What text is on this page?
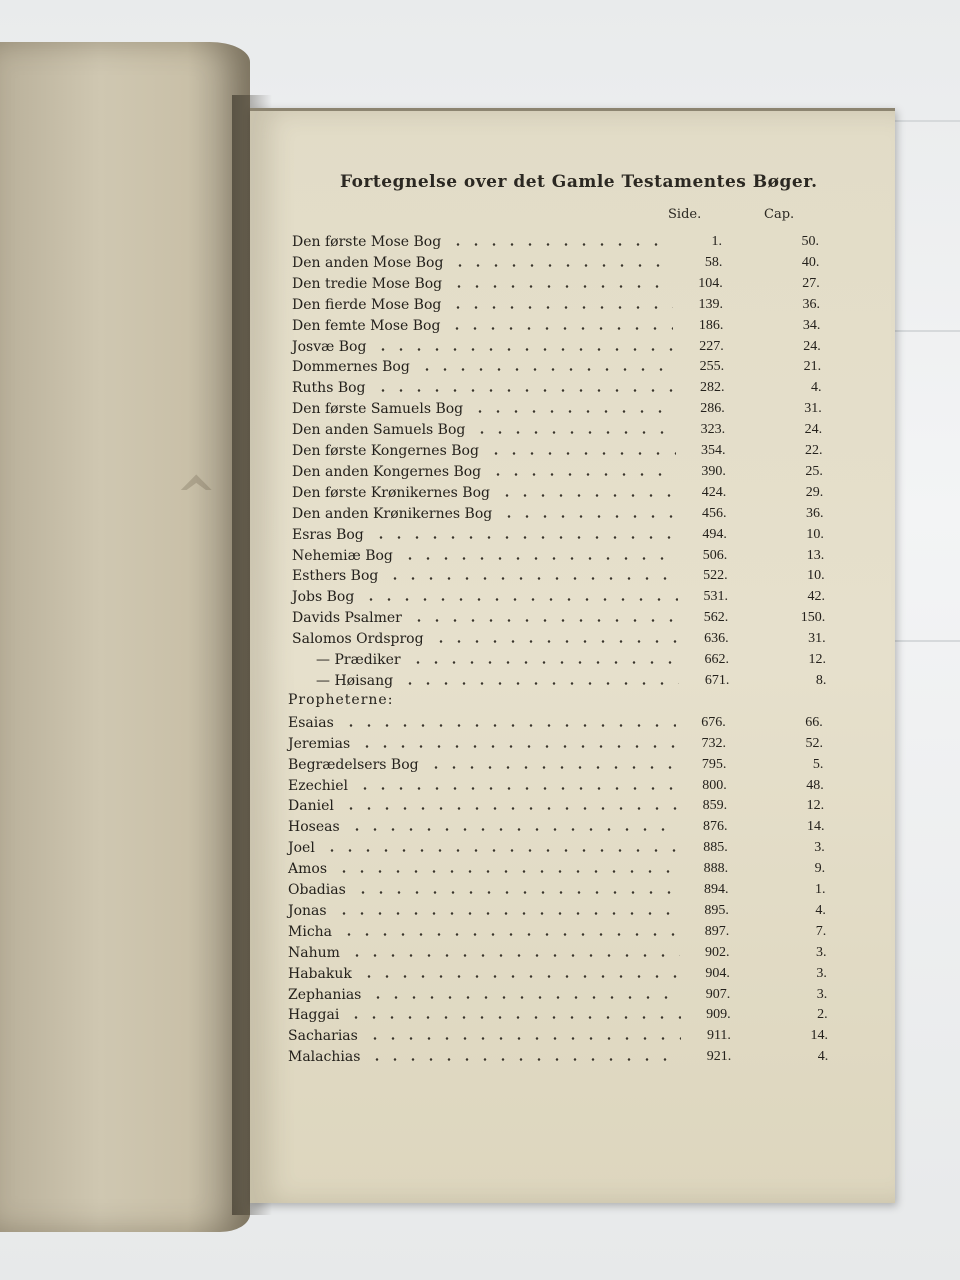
‸
Fortegnelse over det Gamle Testamentes Bøger.
Side.	Cap.
Den første Mose Bog	1.	50.
Den anden Mose Bog	58.	40.
Den tredie Mose Bog	104.	27.
Den fierde Mose Bog	139.	36.
Den femte Mose Bog	186.	34.
Josvæ Bog	227.	24.
Dommernes Bog	255.	21.
Ruths Bog	282.	4.
Den første Samuels Bog	286.	31.
Den anden Samuels Bog	323.	24.
Den første Kongernes Bog	354.	22.
Den anden Kongernes Bog	390.	25.
Den første Krønikernes Bog	424.	29.
Den anden Krønikernes Bog	456.	36.
Esras Bog	494.	10.
Nehemiæ Bog	506.	13.
Esthers Bog	522.	10.
Jobs Bog	531.	42.
Davids Psalmer	562.	150.
Salomos Ordsprog	636.	31.
— Prædiker	662.	12.
— Høisang	671.	8.
Esaias	676.	66.
Jeremias	732.	52.
Begrædelsers Bog	795.	5.
Ezechiel	800.	48.
Daniel	859.	12.
Hoseas	876.	14.
Joel	885.	3.
Amos	888.	9.
Obadias	894.	1.
Jonas	895.	4.
Micha	897.	7.
Nahum	902.	3.
Habakuk	904.	3.
Zephanias	907.	3.
Haggai	909.	2.
Sacharias	911.	14.
Malachias	921.	4.
Propheterne:
